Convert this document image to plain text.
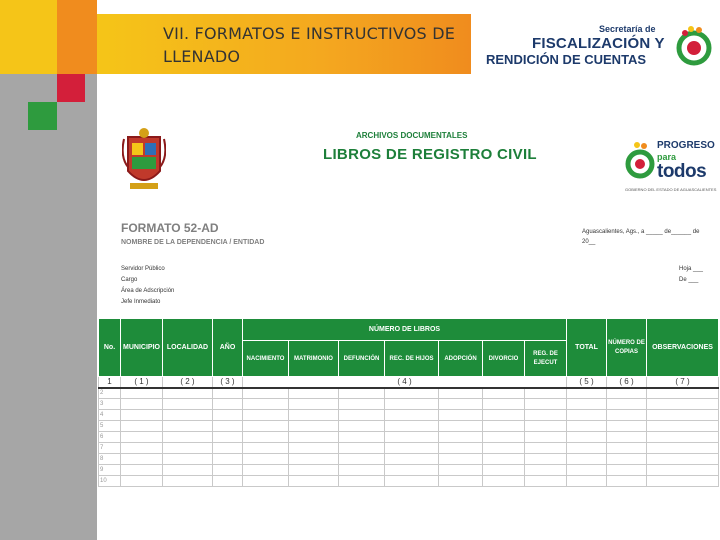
VII. FORMATOS E INSTRUCTIVOS DE LLENADO
Secretaría de
FISCALIZACIÓN Y
RENDICIÓN DE CUENTAS
ARCHIVOS DOCUMENTALES
LIBROS DE REGISTRO CIVIL
PROGRESO
para
todos
GOBIERNO DEL ESTADO DE AGUASCALIENTES
FORMATO 52-AD
NOMBRE DE LA DEPENDENCIA / ENTIDAD
Aguascalientes, Ags., a _____ de______ de
20__
Servidor Público
Cargo
Área de Adscripción
Jefe Inmediato
Hoja ___
De ___
No.	MUNICIPIO	LOCALIDAD	AÑO	NÚMERO DE LIBROS							TOTAL	NÚMERO DE COPIAS	OBSERVACIONES
				NACIMIENTO	MATRIMONIO	DEFUNCIÓN	REC. DE HIJOS	ADOPCIÓN	DIVORCIO	REG. DE EJECUT			
1	( 1 )	( 2 )	( 3 )	( 4 )							( 5 )	( 6 )	( 7 )
2													
3													
4													
5													
6													
7													
8													
9													
10													
